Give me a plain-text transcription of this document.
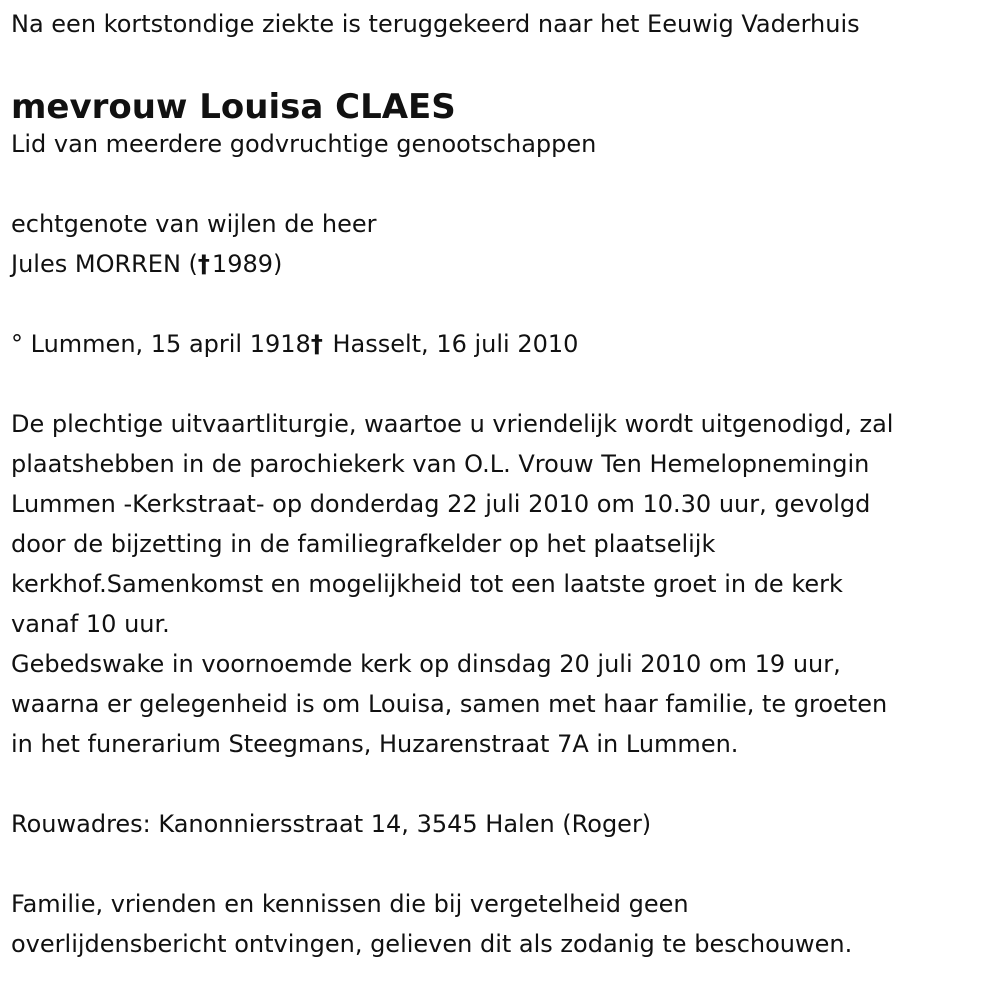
Na een kortstondige ziekte is teruggekeerd naar het Eeuwig Vaderhuis

mevrouw Louisa CLAES

Lid van meerdere godvruchtige genootschappen

echtgenote van wijlen de heer

Jules MORREN (†1989)

° Lummen, 15 april 1918† Hasselt, 16 juli 2010

De plechtige uitvaartliturgie, waartoe u vriendelijk wordt uitgenodigd, zal

plaatshebben in de parochiekerk van O.L. Vrouw Ten Hemelopnemingin

Lummen -Kerkstraat- op donderdag 22 juli 2010 om 10.30 uur, gevolgd

door de bijzetting in de familiegrafkelder op het plaatselijk

kerkhof.Samenkomst en mogelijkheid tot een laatste groet in de kerk

vanaf 10 uur.

Gebedswake in voornoemde kerk op dinsdag 20 juli 2010 om 19 uur,

waarna er gelegenheid is om Louisa, samen met haar familie, te groeten

in het funerarium Steegmans, Huzarenstraat 7A in Lummen.

Rouwadres: Kanonniersstraat 14, 3545 Halen (Roger)

Familie, vrienden en kennissen die bij vergetelheid geen

overlijdensbericht ontvingen, gelieven dit als zodanig te beschouwen.
